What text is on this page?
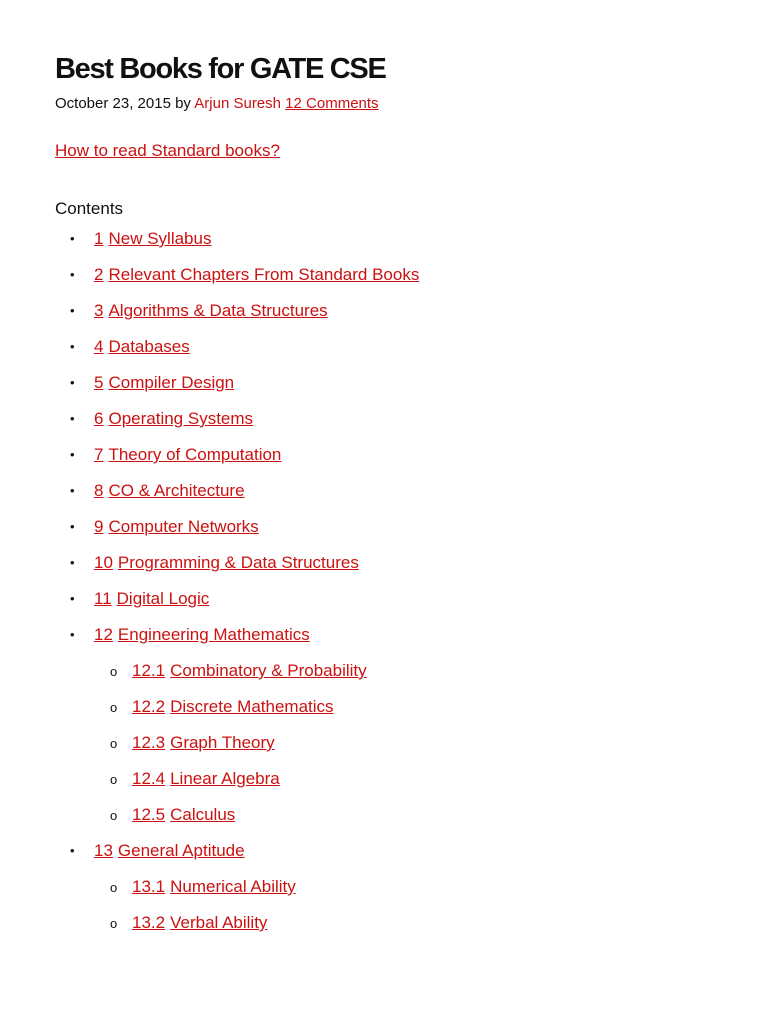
Best Books for GATE CSE
October 23, 2015 by Arjun Suresh 12 Comments
How to read Standard books?
Contents
• 1 New Syllabus
• 2 Relevant Chapters From Standard Books
• 3 Algorithms & Data Structures
• 4 Databases
• 5 Compiler Design
• 6 Operating Systems
• 7 Theory of Computation
• 8 CO & Architecture
• 9 Computer Networks
• 10 Programming & Data Structures
• 11 Digital Logic
• 12 Engineering Mathematics
o 12.1 Combinatory & Probability
o 12.2 Discrete Mathematics
o 12.3 Graph Theory
o 12.4 Linear Algebra
o 12.5 Calculus
• 13 General Aptitude
o 13.1 Numerical Ability
o 13.2 Verbal Ability
